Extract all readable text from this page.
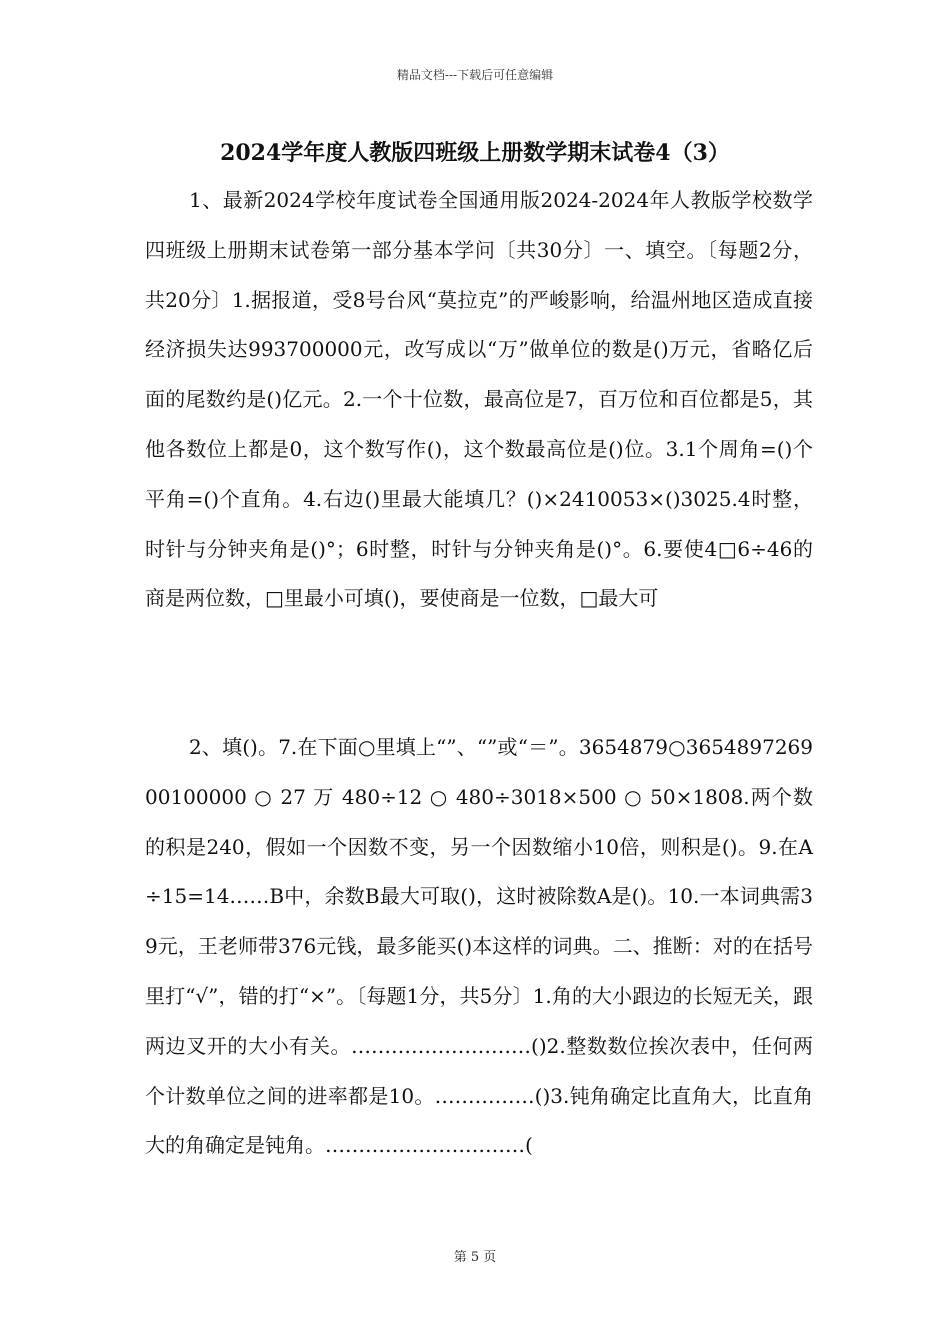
精品文档---下载后可任意编辑
2024学年度人教版四班级上册数学期末试卷4（3）

1、最新2024学校年度试卷全国通用版2024-2024年人教版学校数学四班级上册期末试卷第一部分基本学问〔共30分〕一、填空。〔每题2分，共20分〕1.据报道，受8号台风“莫拉克”的严峻影响，给温州地区造成直接经济损失达993700000元，改写成以“万”做单位的数是()万元，省略亿后面的尾数约是()亿元。2.一个十位数，最高位是7，百万位和百位都是5，其他各数位上都是0，这个数写作()，这个数最高位是()位。3.1个周角=()个平角=()个直角。4.右边()里最大能填几？()×2410053×()3025.4时整，时针与分钟夹角是()°；6时整，时针与分钟夹角是()°。6.要使4□6÷46的商是两位数，□里最小可填()，要使商是一位数，□最大可

2、填()。7.在下面○里填上“”、“”或“＝”。3654879○365489726900100000 ○ 27 万 480÷12 ○ 480÷3018×500 ○ 50×1808.两个数的积是240，假如一个因数不变，另一个因数缩小10倍，则积是()。9.在A÷15=14……B中，余数B最大可取()，这时被除数A是()。10.一本词典需39元，王老师带376元钱，最多能买()本这样的词典。二、推断：对的在括号里打“√”，错的打“×”。〔每题1分，共5分〕1.角的大小跟边的长短无关，跟两边叉开的大小有关。………………………()2.整数数位挨次表中，任何两个计数单位之间的进率都是10。……………()3.钝角确定比直角大，比直角大的角确定是钝角。…………………………(

第 5 页
